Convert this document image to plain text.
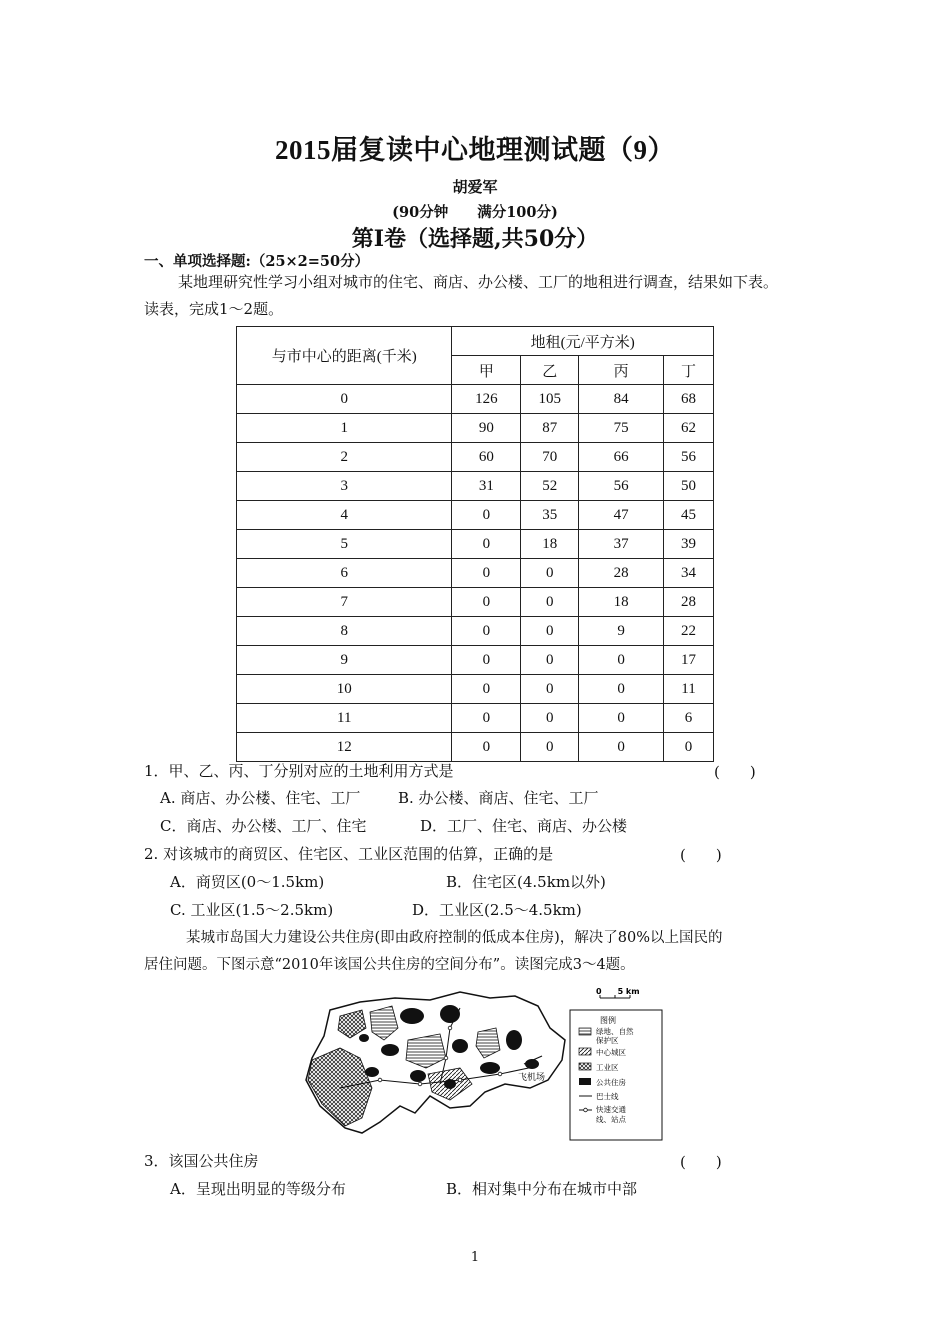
2015届复读中心地理测试题（9）
胡爱军
(90分钟　　满分100分)
第Ⅰ卷（选择题,共50分）
一、单项选择题:（25×2=50分）
某地理研究性学习小组对城市的住宅、商店、办公楼、工厂的地租进行调查，结果如下表。
读表，完成1～2题。
与市中心的距离(千米)	地租(元/平方米)			
	甲	乙	丙	丁
0	126	105	84	68
1	90	87	75	62
2	60	70	66	56
3	31	52	56	50
4	0	35	47	45
5	0	18	37	39
6	0	0	28	34
7	0	0	18	28
8	0	0	9	22
9	0	0	0	17
10	0	0	0	11
11	0	0	0	6
12	0	0	0	0
1．甲、乙、丙、丁分别对应的土地利用方式是	(　　)
A. 商店、办公楼、住宅、工厂	B. 办公楼、商店、住宅、工厂
C．商店、办公楼、工厂、住宅	D．工厂、住宅、商店、办公楼
2. 对该城市的商贸区、住宅区、工业区范围的估算，正确的是	(　　)
A．商贸区(0～1.5km)	B．住宅区(4.5km以外)
C. 工业区(1.5～2.5km)	D．工业区(2.5～4.5km)
某城市岛国大力建设公共住房(即由政府控制的低成本住房)，解决了80%以上国民的
居住问题。下图示意“2010年该国公共住房的空间分布”。读图完成3～4题。
飞机场
0　　5 km
图例
绿地、自然
保护区
中心城区
工业区
公共住房
巴士线
快速交通
线、站点
3．该国公共住房	(　　)
A．呈现出明显的等级分布	B．相对集中分布在城市中部
1
